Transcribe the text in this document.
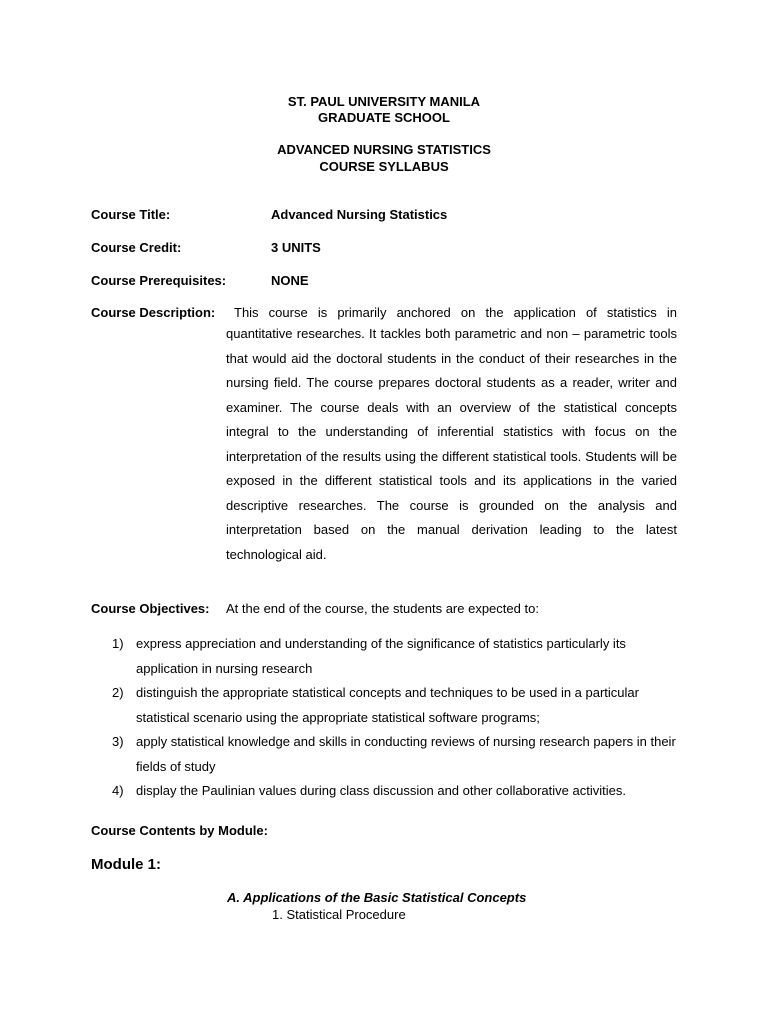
ST. PAUL UNIVERSITY MANILA
GRADUATE SCHOOL
ADVANCED NURSING STATISTICS
COURSE SYLLABUS
Course Title:	Advanced Nursing Statistics
Course Credit:	3 UNITS
Course Prerequisites:	NONE
Course Description: This course is primarily anchored on the application of statistics in
quantitative researches. It tackles both parametric and non – parametric tools that would aid the doctoral students in the conduct of their researches in the nursing field. The course prepares doctoral students as a reader, writer and examiner. The course deals with an overview of the statistical concepts integral to the understanding of inferential statistics with focus on the interpretation of the results using the different statistical tools. Students will be exposed in the different statistical tools and its applications in the varied descriptive researches. The course is grounded on the analysis and interpretation based on the manual derivation leading to the latest technological aid.
Course Objectives: At the end of the course, the students are expected to:
1) express appreciation and understanding of the significance of statistics particularly its application in nursing research
2) distinguish the appropriate statistical concepts and techniques to be used in a particular statistical scenario using the appropriate statistical software programs;
3) apply statistical knowledge and skills in conducting reviews of nursing research papers in their fields of study
4) display the Paulinian values during class discussion and other collaborative activities.
Course Contents by Module:
Module 1:
A. Applications of the Basic Statistical Concepts
1. Statistical Procedure
